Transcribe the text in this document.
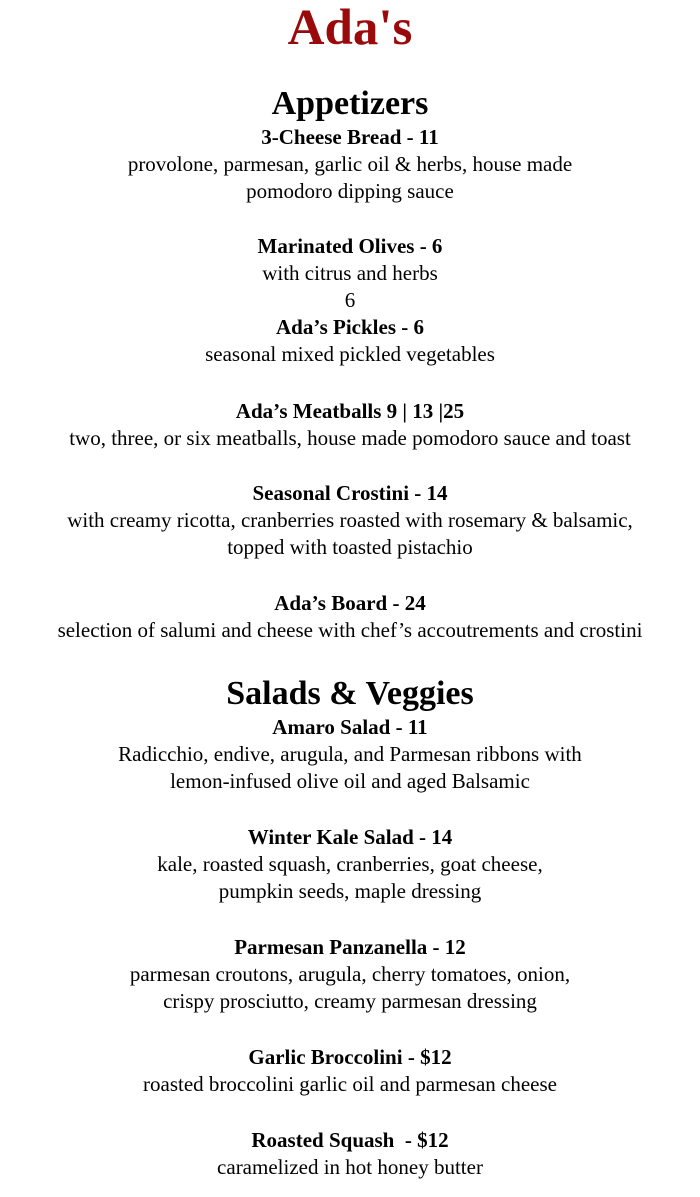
Ada's
Appetizers
3-Cheese Bread - 11
provolone, parmesan, garlic oil & herbs, house made
pomodoro dipping sauce
Marinated Olives - 6
with citrus and herbs
6
Ada’s Pickles - 6
seasonal mixed pickled vegetables
Ada’s Meatballs 9 | 13 |25
two, three, or six meatballs, house made pomodoro sauce and toast
Seasonal Crostini - 14
with creamy ricotta, cranberries roasted with rosemary & balsamic,
topped with toasted pistachio
Ada’s Board - 24
selection of salumi and cheese with chef’s accoutrements and crostini
Salads & Veggies
Amaro Salad - 11
Radicchio, endive, arugula, and Parmesan ribbons with
lemon-infused olive oil and aged Balsamic
Winter Kale Salad - 14
kale, roasted squash, cranberries, goat cheese,
pumpkin seeds, maple dressing
Parmesan Panzanella - 12
parmesan croutons, arugula, cherry tomatoes, onion,
crispy prosciutto, creamy parmesan dressing
Garlic Broccolini - $12
roasted broccolini garlic oil and parmesan cheese
Roasted Squash  - $12
caramelized in hot honey butter
